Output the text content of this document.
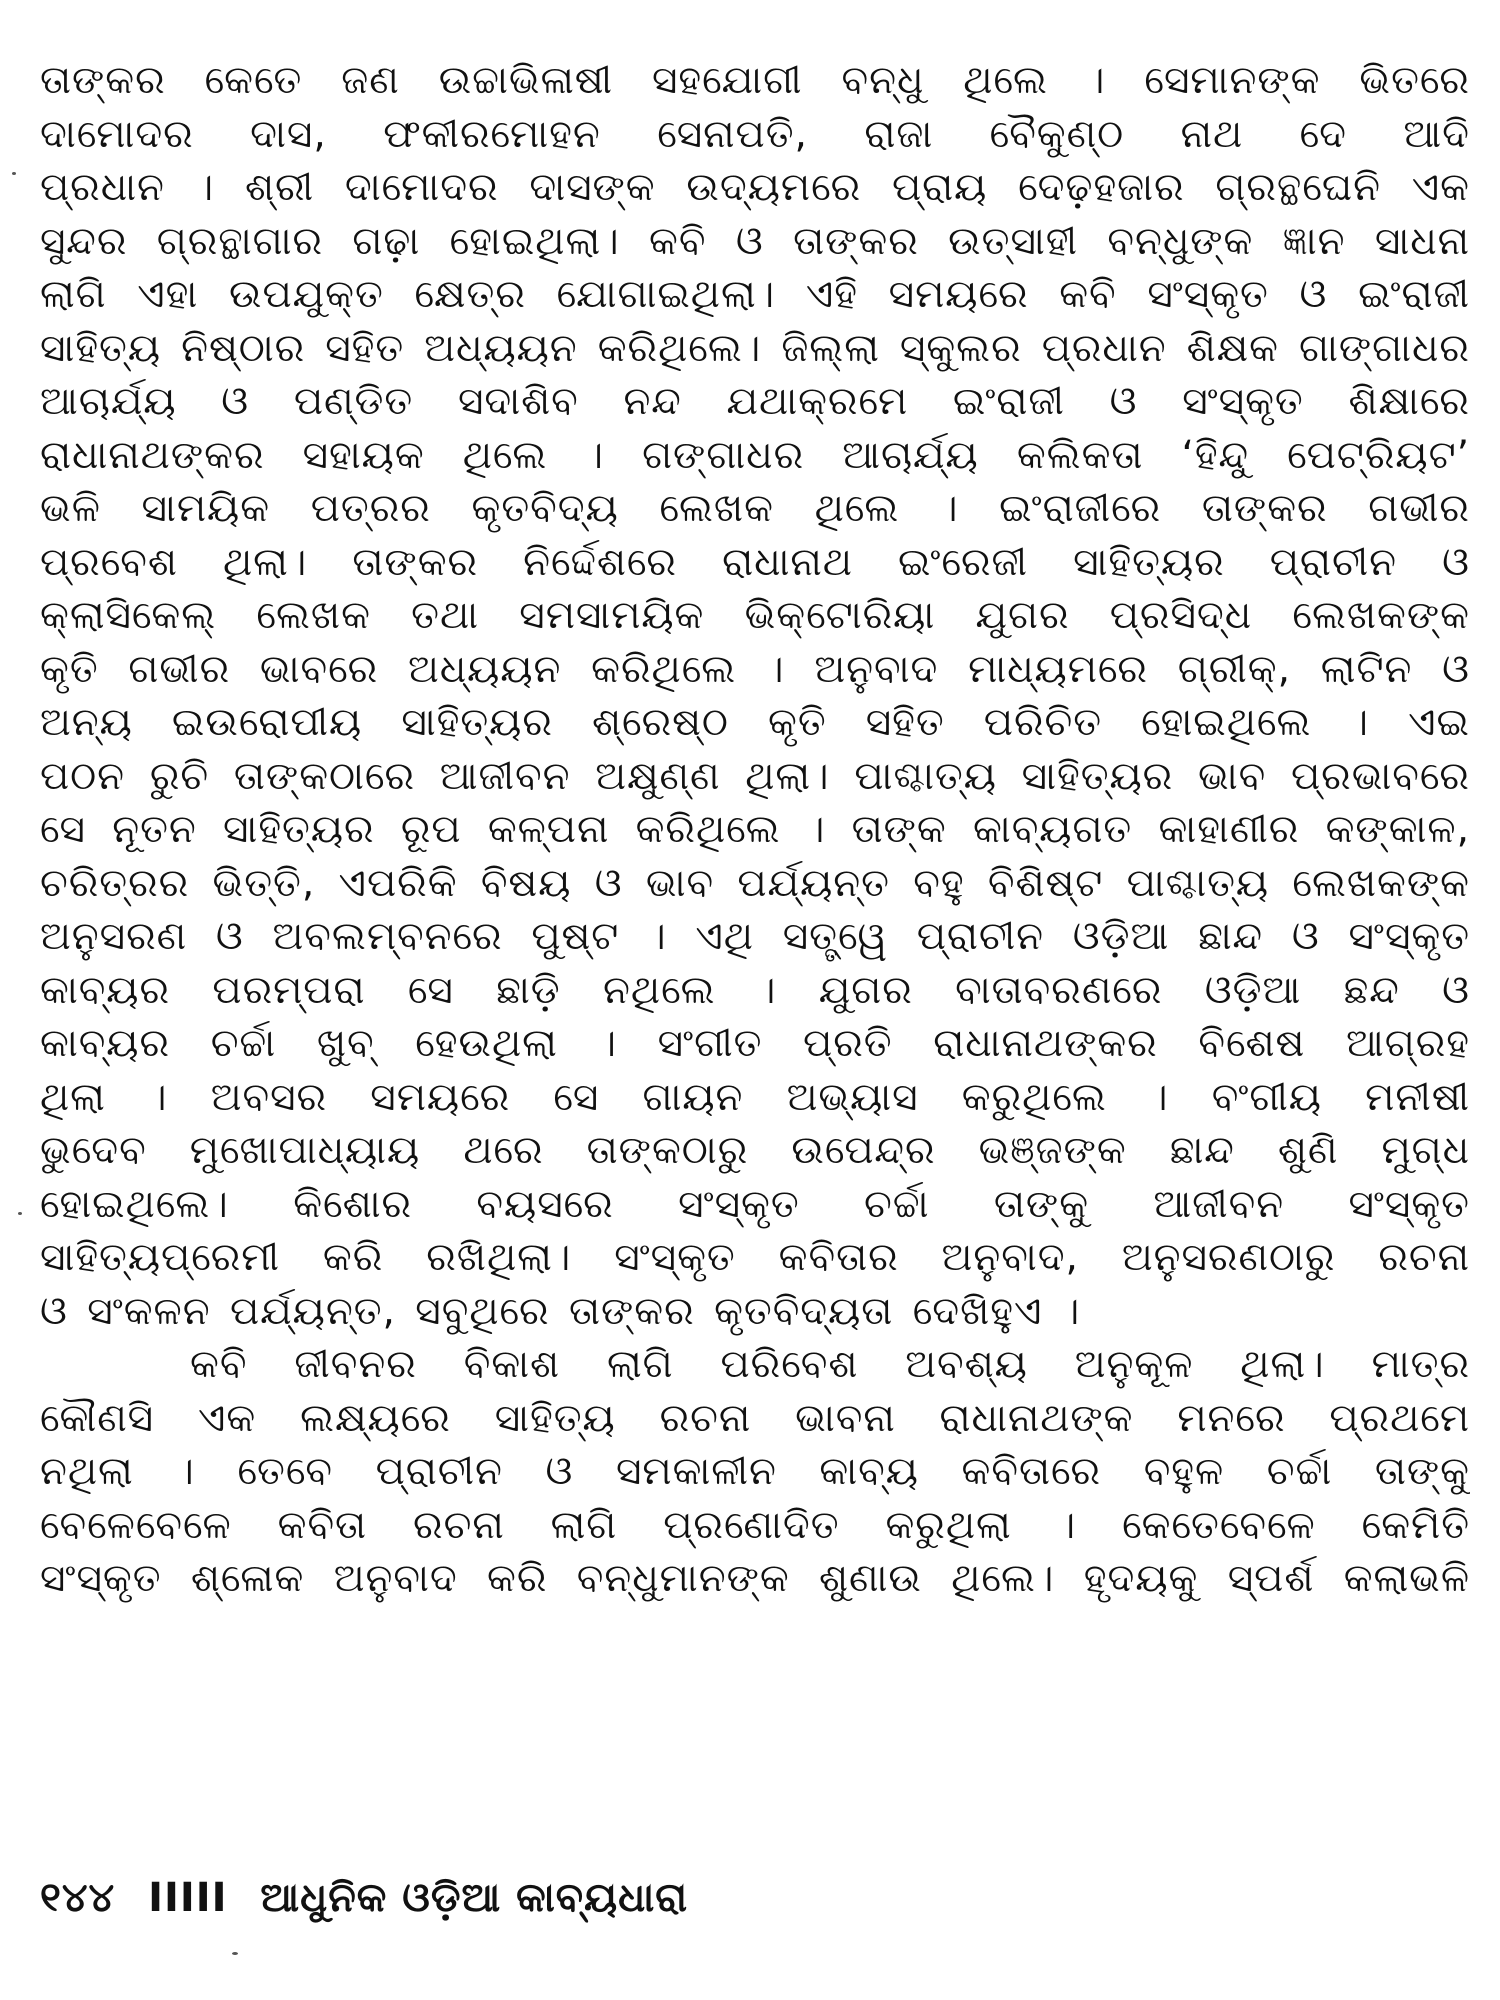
ତାଙ୍କର କେତେ ଜଣ ଉଚ୍ଚାଭିଳାଷୀ ସହଯୋଗୀ ବନ୍ଧୁ ଥିଲେ । ସେମାନଙ୍କ ଭିତରେ
ଦାମୋଦର ଦାସ, ଫକୀରମୋହନ ସେନାପତି, ରାଜା ବୈକୁଣ୍ଠ ନାଥ ଦେ ଆଦି
ପ୍ରଧାନ । ଶ୍ରୀ ଦାମୋଦର ଦାସଙ୍କ ଉଦ୍ୟମରେ ପ୍ରାୟ ଦେଢ଼ହଜାର ଗ୍ରନ୍ଥଘେନି ଏକ
ସୁନ୍ଦର ଗ୍ରନ୍ଥାଗାର ଗଢ଼ା ହୋଇଥିଲା। କବି ଓ ତାଙ୍କର ଉତ୍ସାହୀ ବନ୍ଧୁଙ୍କ ଜ୍ଞାନ ସାଧନା
ଲାଗି ଏହା ଉପଯୁକ୍ତ କ୍ଷେତ୍ର ଯୋଗାଇଥିଲା। ଏହି ସମୟରେ କବି ସଂସ୍କୃତ ଓ ଇଂରାଜୀ
ସାହିତ୍ୟ ନିଷ୍ଠାର ସହିତ ଅଧ୍ୟୟନ କରିଥିଲେ। ଜିଲ୍ଲା ସ୍କୁଲର ପ୍ରଧାନ ଶିକ୍ଷକ ଗାଙ୍ଗାଧର
ଆଚାର୍ଯ୍ୟ ଓ ପଣ୍ଡିତ ସଦାଶିବ ନନ୍ଦ ଯଥାକ୍ରମେ ଇଂରାଜୀ ଓ ସଂସ୍କୃତ ଶିକ୍ଷାରେ
ରାଧାନାଥଙ୍କର ସହାୟକ ଥିଲେ । ଗଙ୍ଗାଧର ଆଚାର୍ଯ୍ୟ କଲିକତା ‘ହିନ୍ଦୁ ପେଟ୍ରିୟଟ’
ଭଳି ସାମୟିକ ପତ୍ରର କୃତବିଦ୍ୟ ଲେଖକ ଥିଲେ । ଇଂରାଜୀରେ ତାଙ୍କର ଗଭୀର
ପ୍ରବେଶ ଥିଲା। ତାଙ୍କର ନିର୍ଦ୍ଦେଶରେ ରାଧାନାଥ ଇଂରେଜୀ ସାହିତ୍ୟର ପ୍ରାଚୀନ ଓ
କ୍ଲାସିକେଲ୍ ଲେଖକ ତଥା ସମସାମୟିକ ଭିକ୍ଟୋରିୟା ଯୁଗର ପ୍ରସିଦ୍ଧ ଲେଖକଙ୍କ
କୃତି ଗଭୀର ଭାବରେ ଅଧ୍ୟୟନ କରିଥିଲେ । ଅନୁବାଦ ମାଧ୍ୟମରେ ଗ୍ରୀକ୍, ଲାଟିନ ଓ
ଅନ୍ୟ ଇଉରୋପୀୟ ସାହିତ୍ୟର ଶ୍ରେଷ୍ଠ କୃତି ସହିତ ପରିଚିତ ହୋଇଥିଲେ । ଏଇ
ପଠନ ରୁଚି ତାଙ୍କଠାରେ ଆଜୀବନ ଅକ୍ଷୁଣ୍ଣ ଥିଲା। ପାଶ୍ଚାତ୍ୟ ସାହିତ୍ୟର ଭାବ ପ୍ରଭାବରେ
ସେ ନୂତନ ସାହିତ୍ୟର ରୂପ କଳ୍ପନା କରିଥିଲେ । ତାଙ୍କ କାବ୍ୟଗତ କାହାଣୀର କଙ୍କାଳ,
ଚରିତ୍ରର ଭିତ୍ତି, ଏପରିକି ବିଷୟ ଓ ଭାବ ପର୍ଯ୍ୟନ୍ତ ବହୁ ବିଶିଷ୍ଟ ପାଶ୍ଚାତ୍ୟ ଲେଖକଙ୍କ
ଅନୁସରଣ ଓ ଅବଲମ୍ବନରେ ପୁଷ୍ଟ । ଏଥି ସତ୍ତ୍ୱେ ପ୍ରାଚୀନ ଓଡ଼ିଆ ଛାନ୍ଦ ଓ ସଂସ୍କୃତ
କାବ୍ୟର ପରମ୍ପରା ସେ ଛାଡ଼ି ନଥିଲେ । ଯୁଗର ବାତାବରଣରେ ଓଡ଼ିଆ ଛନ୍ଦ ଓ
କାବ୍ୟର ଚର୍ଚ୍ଚା ଖୁବ୍ ହେଉଥିଲା । ସଂଗୀତ ପ୍ରତି ରାଧାନାଥଙ୍କର ବିଶେଷ ଆଗ୍ରହ
ଥିଲା । ଅବସର ସମୟରେ ସେ ଗାୟନ ଅଭ୍ୟାସ କରୁଥିଲେ । ବଂଗୀୟ ମନୀଷୀ
ଭୁଦେବ ମୁଖୋପାଧ୍ୟାୟ ଥରେ ତାଙ୍କଠାରୁ ଉପେନ୍ଦ୍ର ଭଞ୍ଜଙ୍କ ଛାନ୍ଦ ଶୁଣି ମୁଗ୍ଧ
ହୋଇଥିଲେ। କିଶୋର ବୟସରେ ସଂସ୍କୃତ ଚର୍ଚ୍ଚା ତାଙ୍କୁ ଆଜୀବନ ସଂସ୍କୃତ
ସାହିତ୍ୟପ୍ରେମୀ କରି ରଖିଥିଲା। ସଂସ୍କୃତ କବିତାର ଅନୁବାଦ, ଅନୁସରଣଠାରୁ ରଚନା
ଓ ସଂକଳନ ପର୍ଯ୍ୟନ୍ତ, ସବୁଥିରେ ତାଙ୍କର କୃତବିଦ୍ୟତା ଦେଖିହୁଏ ।
କବି ଜୀବନର ବିକାଶ ଲାଗି ପରିବେଶ ଅବଶ୍ୟ ଅନୁକୂଳ ଥିଲା। ମାତ୍ର
କୌଣସି ଏକ ଲକ୍ଷ୍ୟରେ ସାହିତ୍ୟ ରଚନା ଭାବନା ରାଧାନାଥଙ୍କ ମନରେ ପ୍ରଥମେ
ନଥିଲା । ତେବେ ପ୍ରାଚୀନ ଓ ସମକାଳୀନ କାବ୍ୟ କବିତାରେ ବହୁଳ ଚର୍ଚ୍ଚା ତାଙ୍କୁ
ବେଳେବେଳେ କବିତା ରଚନା ଲାଗି ପ୍ରଣୋଦିତ କରୁଥିଲା । କେତେବେଳେ କେମିତି
ସଂସ୍କୃତ ଶ୍ଳୋକ ଅନୁବାଦ କରି ବନ୍ଧୁମାନଙ୍କ ଶୁଣାଉ ଥିଲେ। ହୃଦୟକୁ ସ୍ପର୍ଶ କଲାଭଳି
୧୪୪ IIIII ଆଧୁନିକ ଓଡ଼ିଆ କାବ୍ୟଧାରା
